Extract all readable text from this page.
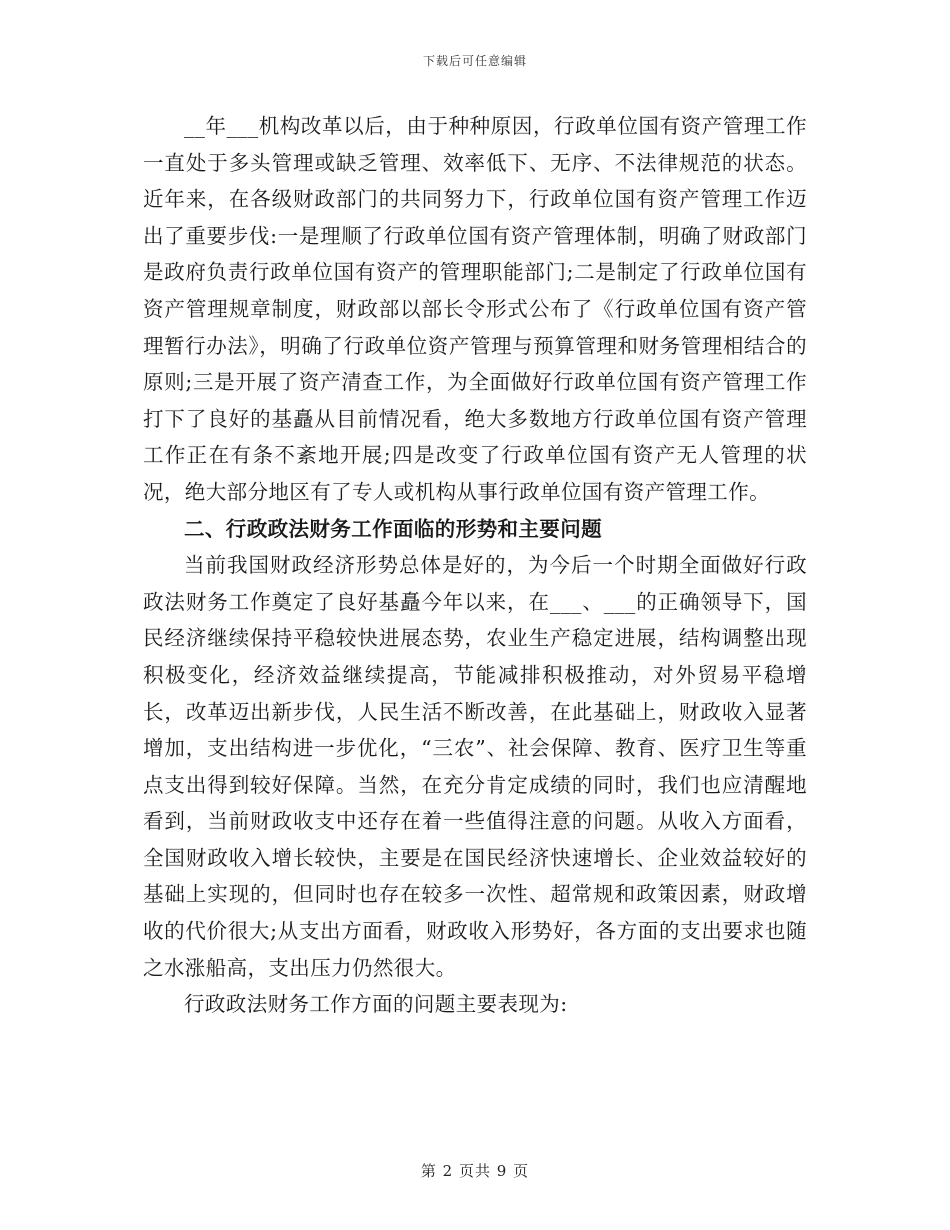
下载后可任意编辑

__年___机构改革以后，由于种种原因，行政单位国有资产管理工作一直处于多头管理或缺乏管理、效率低下、无序、不法律规范的状态。近年来，在各级财政部门的共同努力下，行政单位国有资产管理工作迈出了重要步伐:一是理顺了行政单位国有资产管理体制，明确了财政部门是政府负责行政单位国有资产的管理职能部门;二是制定了行政单位国有资产管理规章制度，财政部以部长令形式公布了《行政单位国有资产管理暂行办法》，明确了行政单位资产管理与预算管理和财务管理相结合的原则;三是开展了资产清查工作，为全面做好行政单位国有资产管理工作打下了良好的基矗从目前情况看，绝大多数地方行政单位国有资产管理工作正在有条不紊地开展;四是改变了行政单位国有资产无人管理的状况，绝大部分地区有了专人或机构从事行政单位国有资产管理工作。

二、行政政法财务工作面临的形势和主要问题

当前我国财政经济形势总体是好的，为今后一个时期全面做好行政政法财务工作奠定了良好基矗今年以来，在___、___的正确领导下，国民经济继续保持平稳较快进展态势，农业生产稳定进展，结构调整出现积极变化，经济效益继续提高，节能减排积极推动，对外贸易平稳增长，改革迈出新步伐，人民生活不断改善，在此基础上，财政收入显著增加，支出结构进一步优化，“三农”、社会保障、教育、医疗卫生等重点支出得到较好保障。当然，在充分肯定成绩的同时，我们也应清醒地看到，当前财政收支中还存在着一些值得注意的问题。从收入方面看，全国财政收入增长较快，主要是在国民经济快速增长、企业效益较好的基础上实现的，但同时也存在较多一次性、超常规和政策因素，财政增收的代价很大;从支出方面看，财政收入形势好，各方面的支出要求也随之水涨船高，支出压力仍然很大。

行政政法财务工作方面的问题主要表现为:

第 2 页共 9 页
